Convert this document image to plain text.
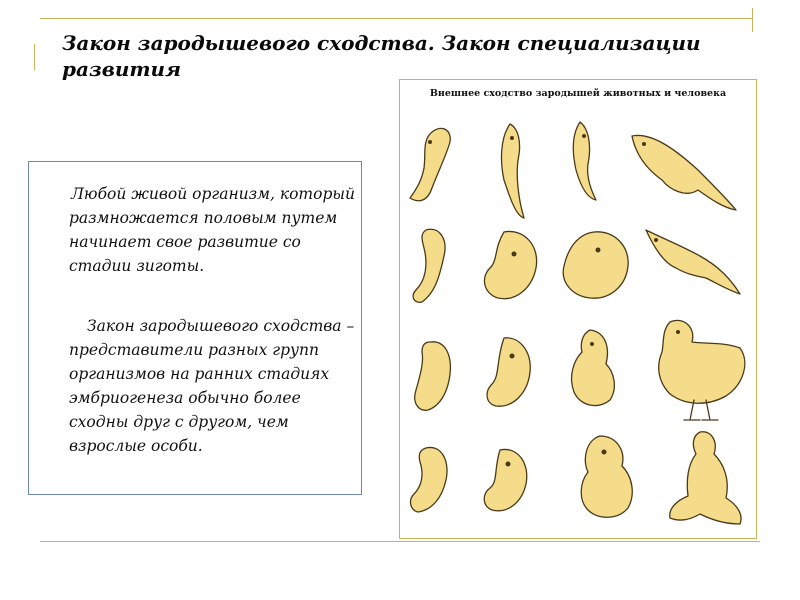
Закон зародышевого сходства. Закон специализации развития

Любой живой организм, который размножается половым путем начинает свое развитие со стадии зиготы.

Закон зародышевого сходства – представители разных групп организмов на ранних стадиях эмбриогенеза обычно более сходны друг с другом, чем взрослые особи.

Внешнее сходство зародышей животных и человека
